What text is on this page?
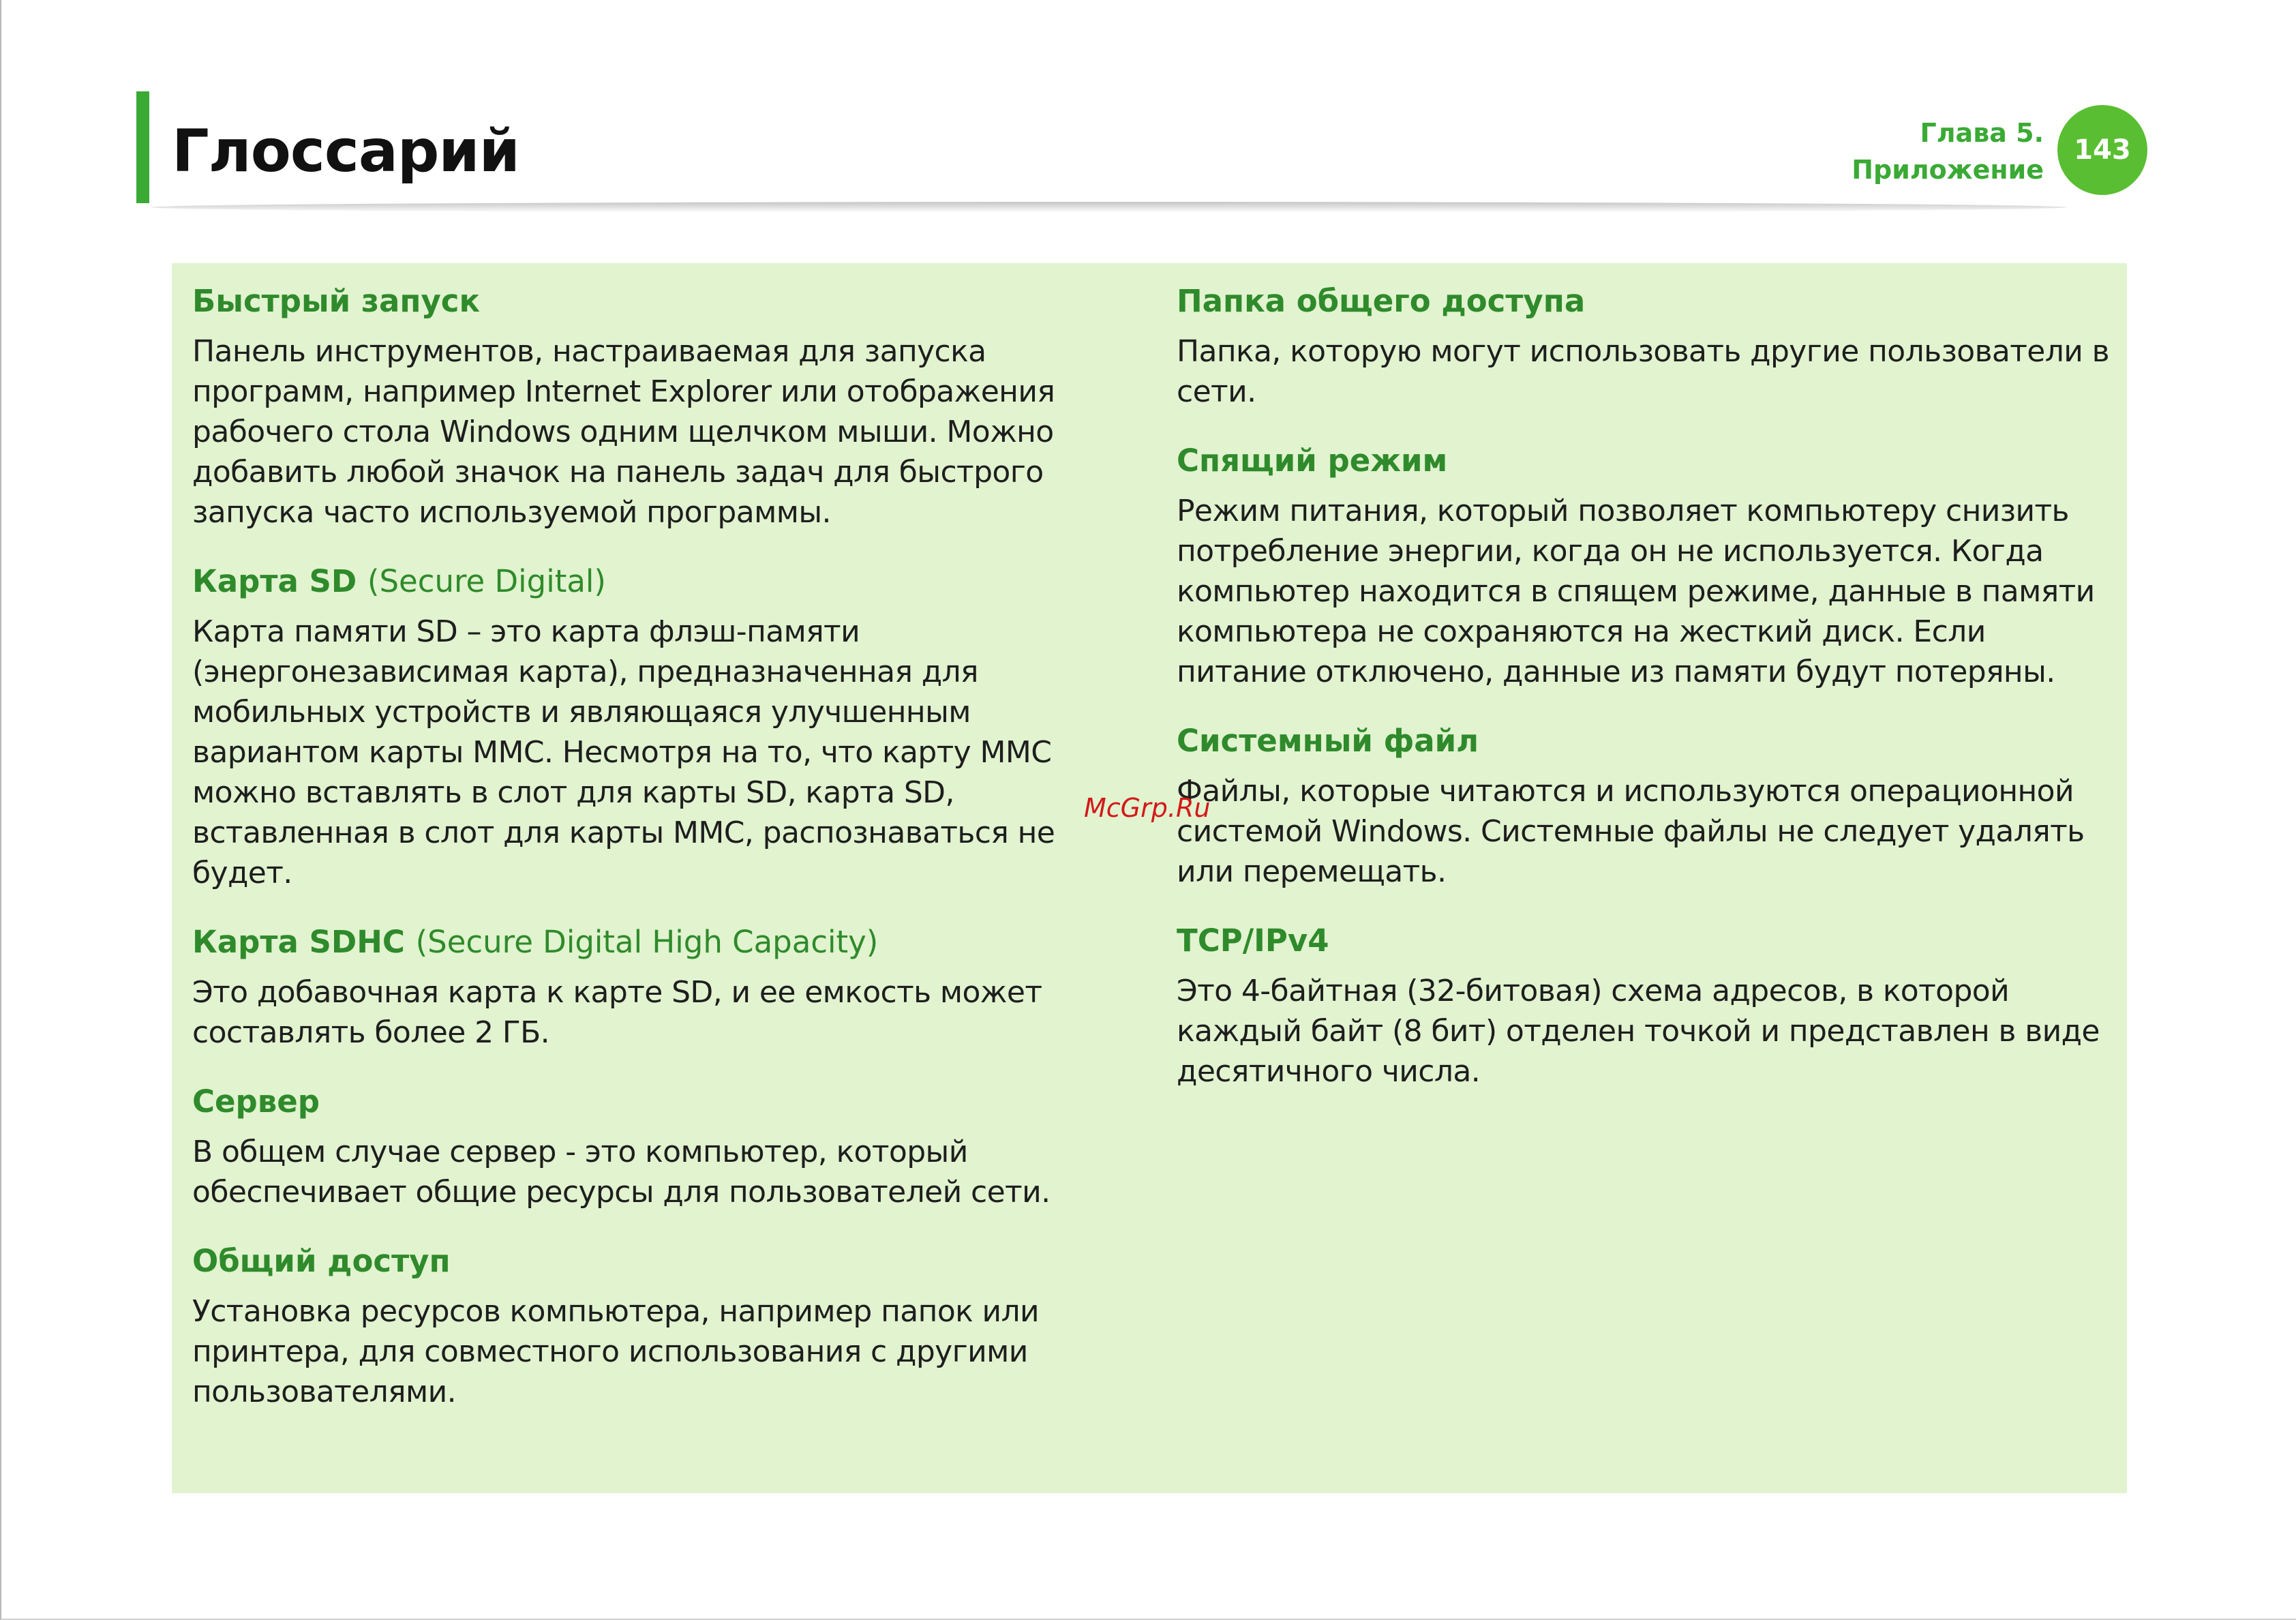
Глоссарий	Глава 5.
Приложение
143

Быстрый запуск

Панель инструментов, настраиваемая для запуска программ, например Internet Explorer или отображения рабочего стола Windows одним щелчком мыши. Можно добавить любой значок на панель задач для быстрого запуска часто используемой программы.

Карта SD (Secure Digital)

Карта памяти SD – это карта флэш-памяти (энергонезависимая карта), предназначенная для мобильных устройств и являющаяся улучшенным вариантом карты MMC. Несмотря на то, что карту MMC можно вставлять в слот для карты SD, карта SD, вставленная в слот для карты MMC, распознаваться не будет.

Карта SDHC (Secure Digital High Capacity)

Это добавочная карта к карте SD, и ее емкость может составлять более 2 ГБ.

Сервер

В общем случае сервер - это компьютер, который обеспечивает общие ресурсы для пользователей сети.

Общий доступ

Установка ресурсов компьютера, например папок или принтера, для совместного использования с другими пользователями.

Папка общего доступа

Папка, которую могут использовать другие пользователи в сети.

Спящий режим

Режим питания, который позволяет компьютеру снизить потребление энергии, когда он не используется. Когда компьютер находится в спящем режиме, данные в памяти компьютера не сохраняются на жесткий диск. Если питание отключено, данные из памяти будут потеряны.

Системный файл

Файлы, которые читаются и используются операционной системой Windows. Системные файлы не следует удалять или перемещать.

TCP/IPv4

Это 4-байтная (32-битовая) схема адресов, в которой каждый байт (8 бит) отделен точкой и представлен в виде десятичного числа.

McGrp.Ru
